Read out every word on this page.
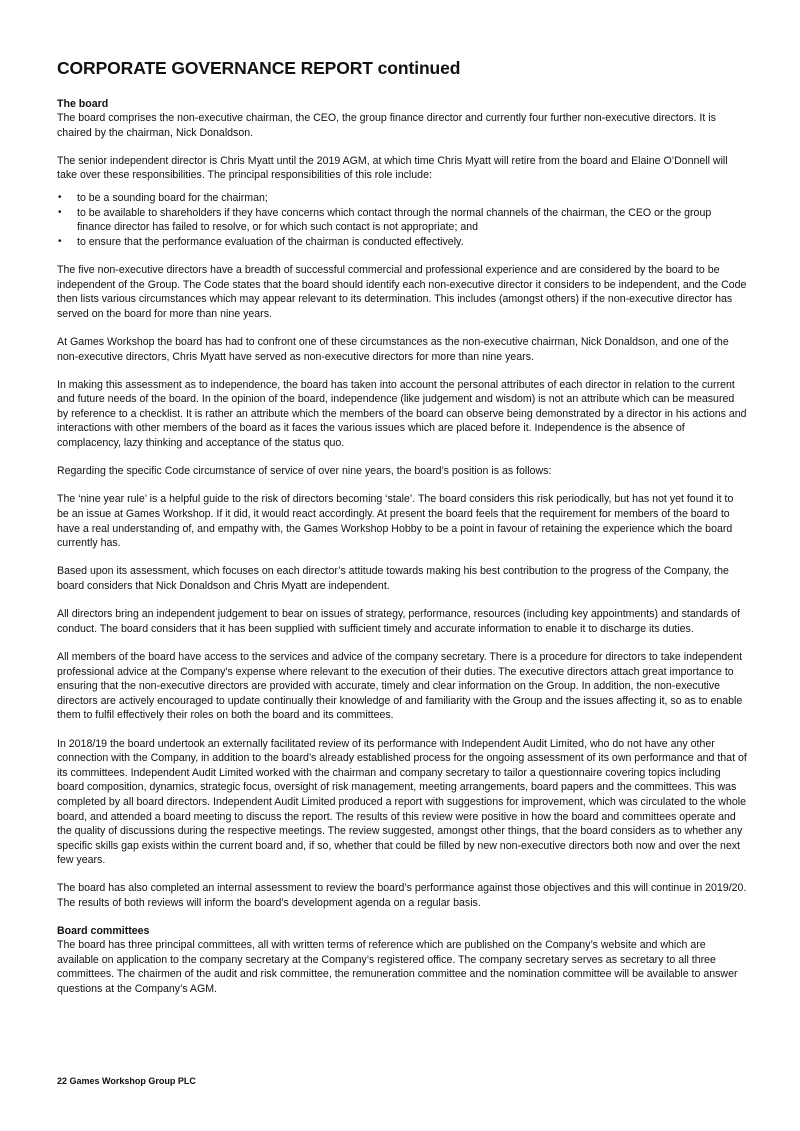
CORPORATE GOVERNANCE REPORT continued
The board

The board comprises the non-executive chairman, the CEO, the group finance director and currently four further non-executive directors. It is chaired by the chairman, Nick Donaldson.

The senior independent director is Chris Myatt until the 2019 AGM, at which time Chris Myatt will retire from the board and Elaine O’Donnell will take over these responsibilities. The principal responsibilities of this role include:

• to be a sounding board for the chairman;
• to be available to shareholders if they have concerns which contact through the normal channels of the chairman, the CEO or the group finance director has failed to resolve, or for which such contact is not appropriate; and
• to ensure that the performance evaluation of the chairman is conducted effectively.

The five non-executive directors have a breadth of successful commercial and professional experience and are considered by the board to be independent of the Group. The Code states that the board should identify each non-executive director it considers to be independent, and the Code then lists various circumstances which may appear relevant to its determination. This includes (amongst others) if the non-executive director has served on the board for more than nine years.

At Games Workshop the board has had to confront one of these circumstances as the non-executive chairman, Nick Donaldson, and one of the non-executive directors, Chris Myatt have served as non-executive directors for more than nine years.

In making this assessment as to independence, the board has taken into account the personal attributes of each director in relation to the current and future needs of the board. In the opinion of the board, independence (like judgement and wisdom) is not an attribute which can be measured by reference to a checklist. It is rather an attribute which the members of the board can observe being demonstrated by a director in his actions and interactions with other members of the board as it faces the various issues which are placed before it. Independence is the absence of complacency, lazy thinking and acceptance of the status quo.

Regarding the specific Code circumstance of service of over nine years, the board’s position is as follows:

The ‘nine year rule’ is a helpful guide to the risk of directors becoming ‘stale’. The board considers this risk periodically, but has not yet found it to be an issue at Games Workshop. If it did, it would react accordingly. At present the board feels that the requirement for members of the board to have a real understanding of, and empathy with, the Games Workshop Hobby to be a point in favour of retaining the experience which the board currently has.

Based upon its assessment, which focuses on each director’s attitude towards making his best contribution to the progress of the Company, the board considers that Nick Donaldson and Chris Myatt are independent.

All directors bring an independent judgement to bear on issues of strategy, performance, resources (including key appointments) and standards of conduct. The board considers that it has been supplied with sufficient timely and accurate information to enable it to discharge its duties.

All members of the board have access to the services and advice of the company secretary. There is a procedure for directors to take independent professional advice at the Company's expense where relevant to the execution of their duties. The executive directors attach great importance to ensuring that the non-executive directors are provided with accurate, timely and clear information on the Group. In addition, the non-executive directors are actively encouraged to update continually their knowledge of and familiarity with the Group and the issues affecting it, so as to enable them to fulfil effectively their roles on both the board and its committees.

In 2018/19 the board undertook an externally facilitated review of its performance with Independent Audit Limited, who do not have any other connection with the Company, in addition to the board’s already established process for the ongoing assessment of its own performance and that of its committees. Independent Audit Limited worked with the chairman and company secretary to tailor a questionnaire covering topics including board composition, dynamics, strategic focus, oversight of risk management, meeting arrangements, board papers and the committees. This was completed by all board directors. Independent Audit Limited produced a report with suggestions for improvement, which was circulated to the whole board, and attended a board meeting to discuss the report. The results of this review were positive in how the board and committees operate and the quality of discussions during the respective meetings. The review suggested, amongst other things, that the board considers as to whether any specific skills gap exists within the current board and, if so, whether that could be filled by new non-executive directors both now and over the next few years.

The board has also completed an internal assessment to review the board’s performance against those objectives and this will continue in 2019/20. The results of both reviews will inform the board’s development agenda on a regular basis.

Board committees

The board has three principal committees, all with written terms of reference which are published on the Company’s website and which are available on application to the company secretary at the Company’s registered office. The company secretary serves as secretary to all three committees. The chairmen of the audit and risk committee, the remuneration committee and the nomination committee will be available to answer questions at the Company’s AGM.

22 Games Workshop Group PLC
